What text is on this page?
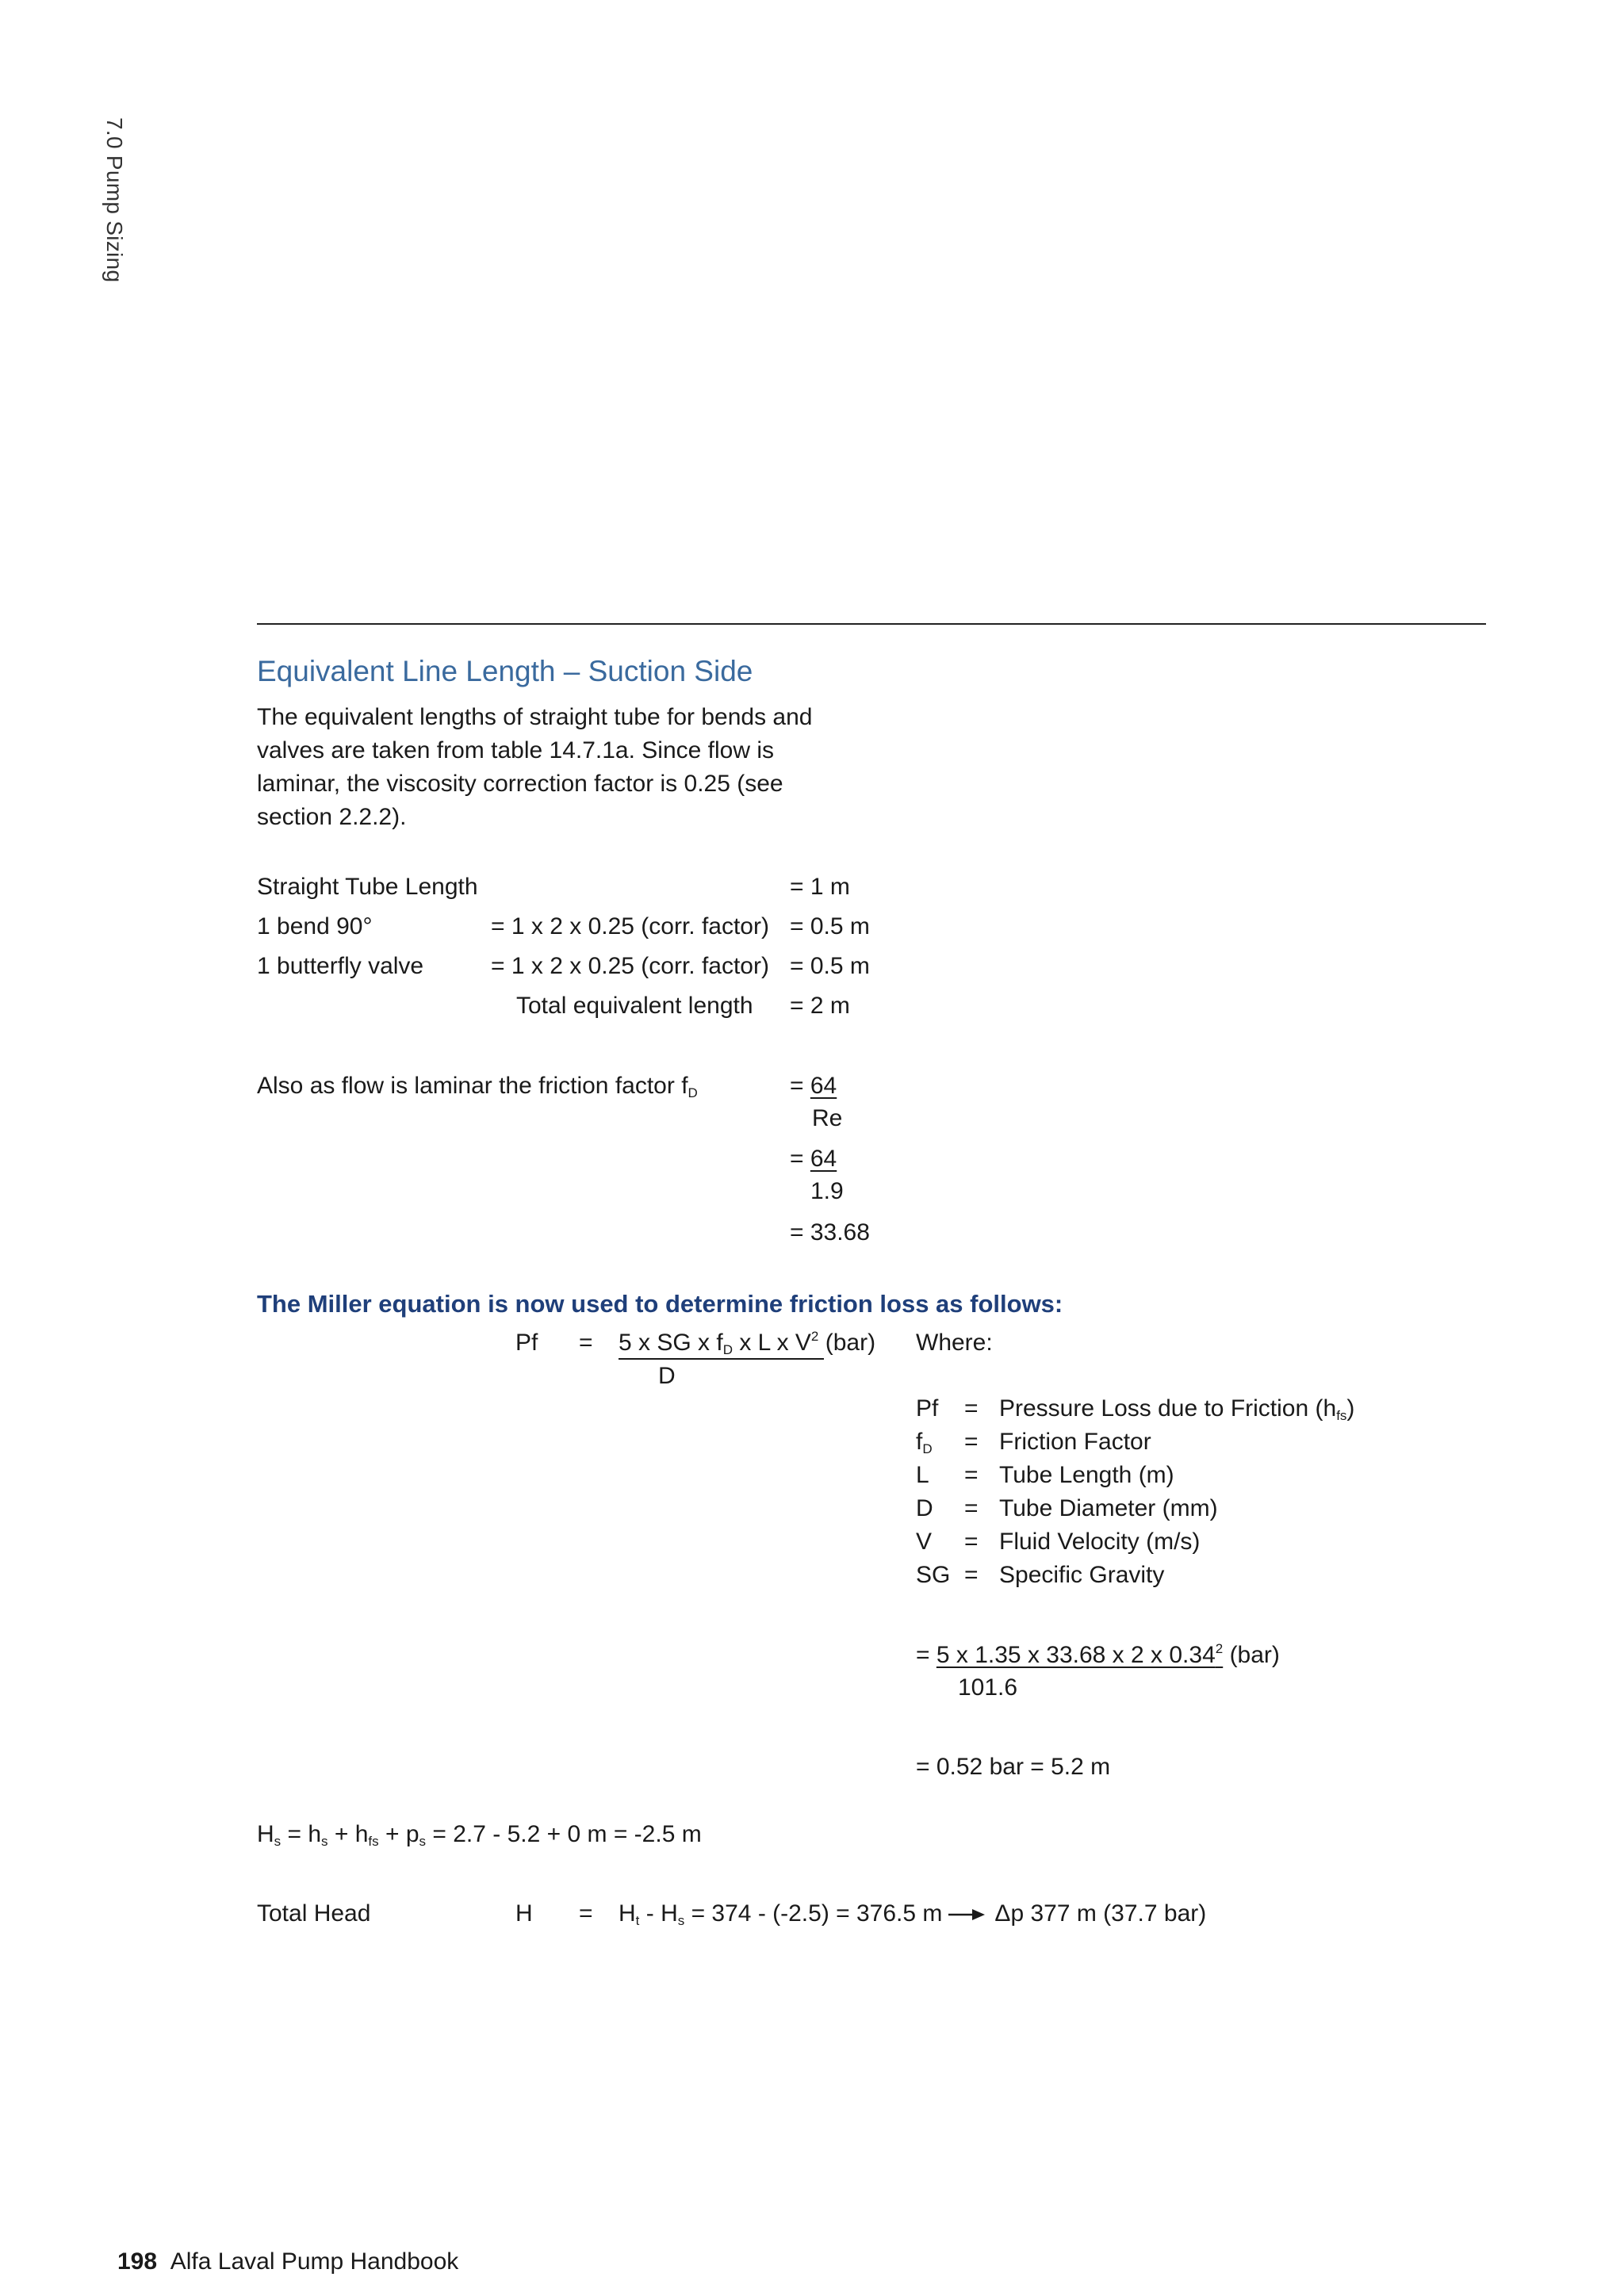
7.0 Pump Sizing
Equivalent Line Length – Suction Side
The equivalent lengths of straight tube for bends and valves are taken from table 14.7.1a. Since flow is laminar, the viscosity correction factor is 0.25 (see section 2.2.2).
Straight Tube Length	= 1 m
1 bend 90°	= 1 x 2 x 0.25 (corr. factor) = 0.5 m
1 butterfly valve	= 1 x 2 x 0.25 (corr. factor) = 0.5 m
Total equivalent length = 2 m
Also as flow is laminar the friction factor $f_D$	= 64
Re
= 64
1.9
= 33.68
The Miller equation is now used to determine friction loss as follows:
Pf = 5 x SG x $f_D$ x L x $V^2$ (bar)
D
Where:
Pf = Pressure Loss due to Friction $(h_{fs})$
$f_D$ = Friction Factor
L = Tube Length (m)
D = Tube Diameter (mm)
V = Fluid Velocity (m/s)
SG = Specific Gravity
= 5 x 1.35 x 33.68 x 2 x 0.34$^2$ (bar)
101.6
= 0.52 bar = 5.2 m
$H_s = h_s + h_{fs} + p_s = 2.7 - 5.2 + 0$ m = -2.5 m
Total Head	$H = H_t - H_s = 374 - (-2.5) = 376.5$ m Δp 377 m (37.7 bar)
198 Alfa Laval Pump Handbook
